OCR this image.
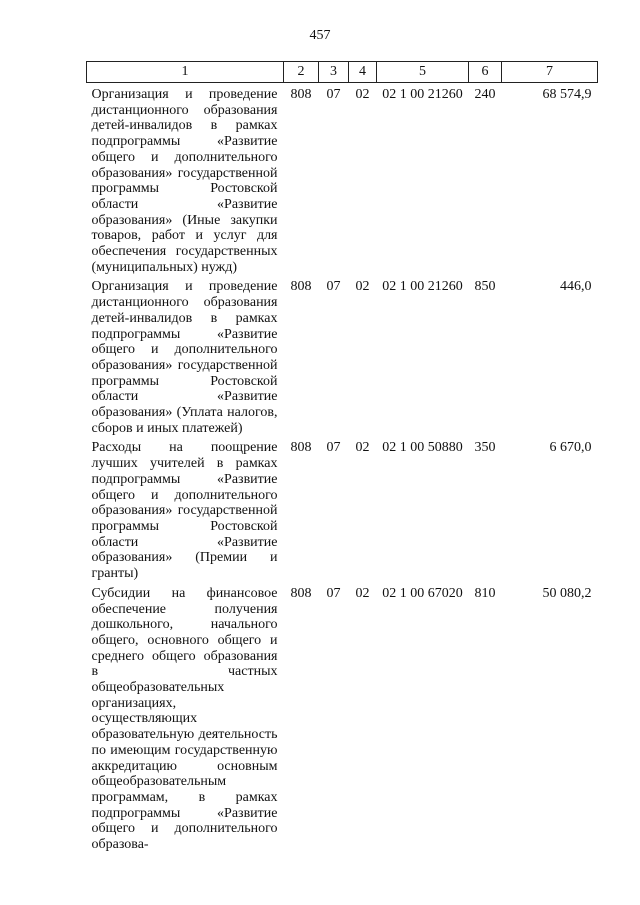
457
1	2	3	4	5	6	7
Организация и проведение дистанционного образования детей-инвалидов в рамках подпрограммы «Развитие общего и дополнительного образования» государственной программы Ростовской области «Развитие образования» (Иные закупки товаров, работ и услуг для обеспечения государственных (муниципальных) нужд)	808	07	02	02 1 00 21260	240	68 574,9
Организация и проведение дистанционного образования детей-инвалидов в рамках подпрограммы «Развитие общего и дополнительного образования» государственной программы Ростовской области «Развитие образования» (Уплата налогов, сборов и иных платежей)	808	07	02	02 1 00 21260	850	446,0
Расходы на поощрение лучших учителей в рамках подпрограммы «Развитие общего и дополнительного образования» государственной программы Ростовской области «Развитие образования» (Премии и гранты)	808	07	02	02 1 00 50880	350	6 670,0
Субсидии на финансовое обеспечение получения дошкольного, начального общего, основного общего и среднего общего образования в частных общеобразовательных организациях, осуществляющих образовательную деятельность по имеющим государственную аккредитацию основным общеобразовательным программам, в рамках подпрограммы «Развитие общего и дополнительного образова-	808	07	02	02 1 00 67020	810	50 080,2
